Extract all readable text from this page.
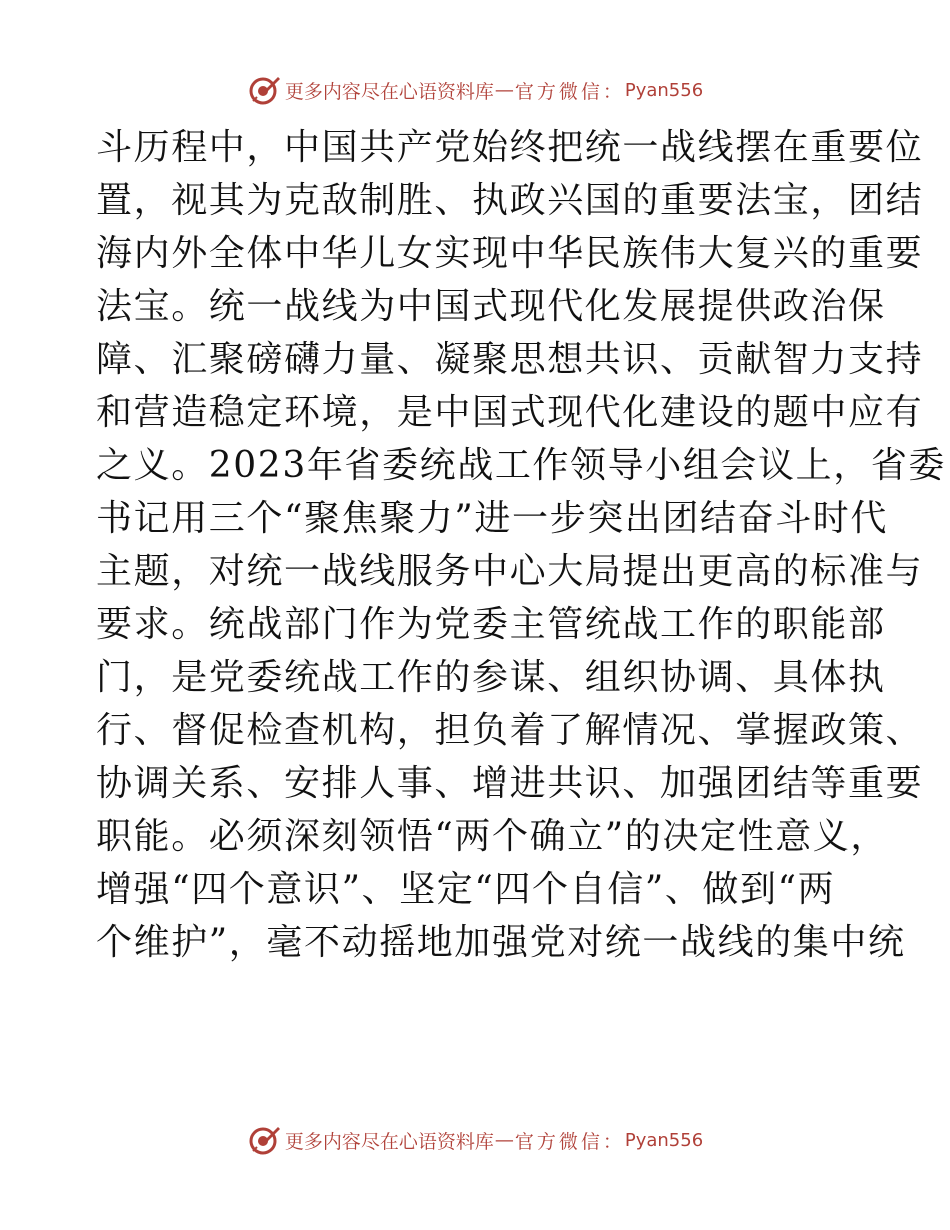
更多内容尽在心语资料库 — 官方微信： Pyan556
斗历程中，中国共产党始终把统一战线摆在重要位
置，视其为克敌制胜、执政兴国的重要法宝，团结
海内外全体中华儿女实现中华民族伟大复兴的重要
法宝。统一战线为中国式现代化发展提供政治保
障、汇聚磅礴力量、凝聚思想共识、贡献智力支持
和营造稳定环境，是中国式现代化建设的题中应有
之义。2023年省委统战工作领导小组会议上，省委
书记用三个“聚焦聚力”进一步突出团结奋斗时代
主题，对统一战线服务中心大局提出更高的标准与
要求。统战部门作为党委主管统战工作的职能部
门，是党委统战工作的参谋、组织协调、具体执
行、督促检查机构，担负着了解情况、掌握政策、
协调关系、安排人事、增进共识、加强团结等重要
职能。必须深刻领悟“两个确立”的决定性意义，
增强“四个意识”、坚定“四个自信”、做到“两
个维护”，毫不动摇地加强党对统一战线的集中统
更多内容尽在心语资料库 — 官方微信： Pyan556
